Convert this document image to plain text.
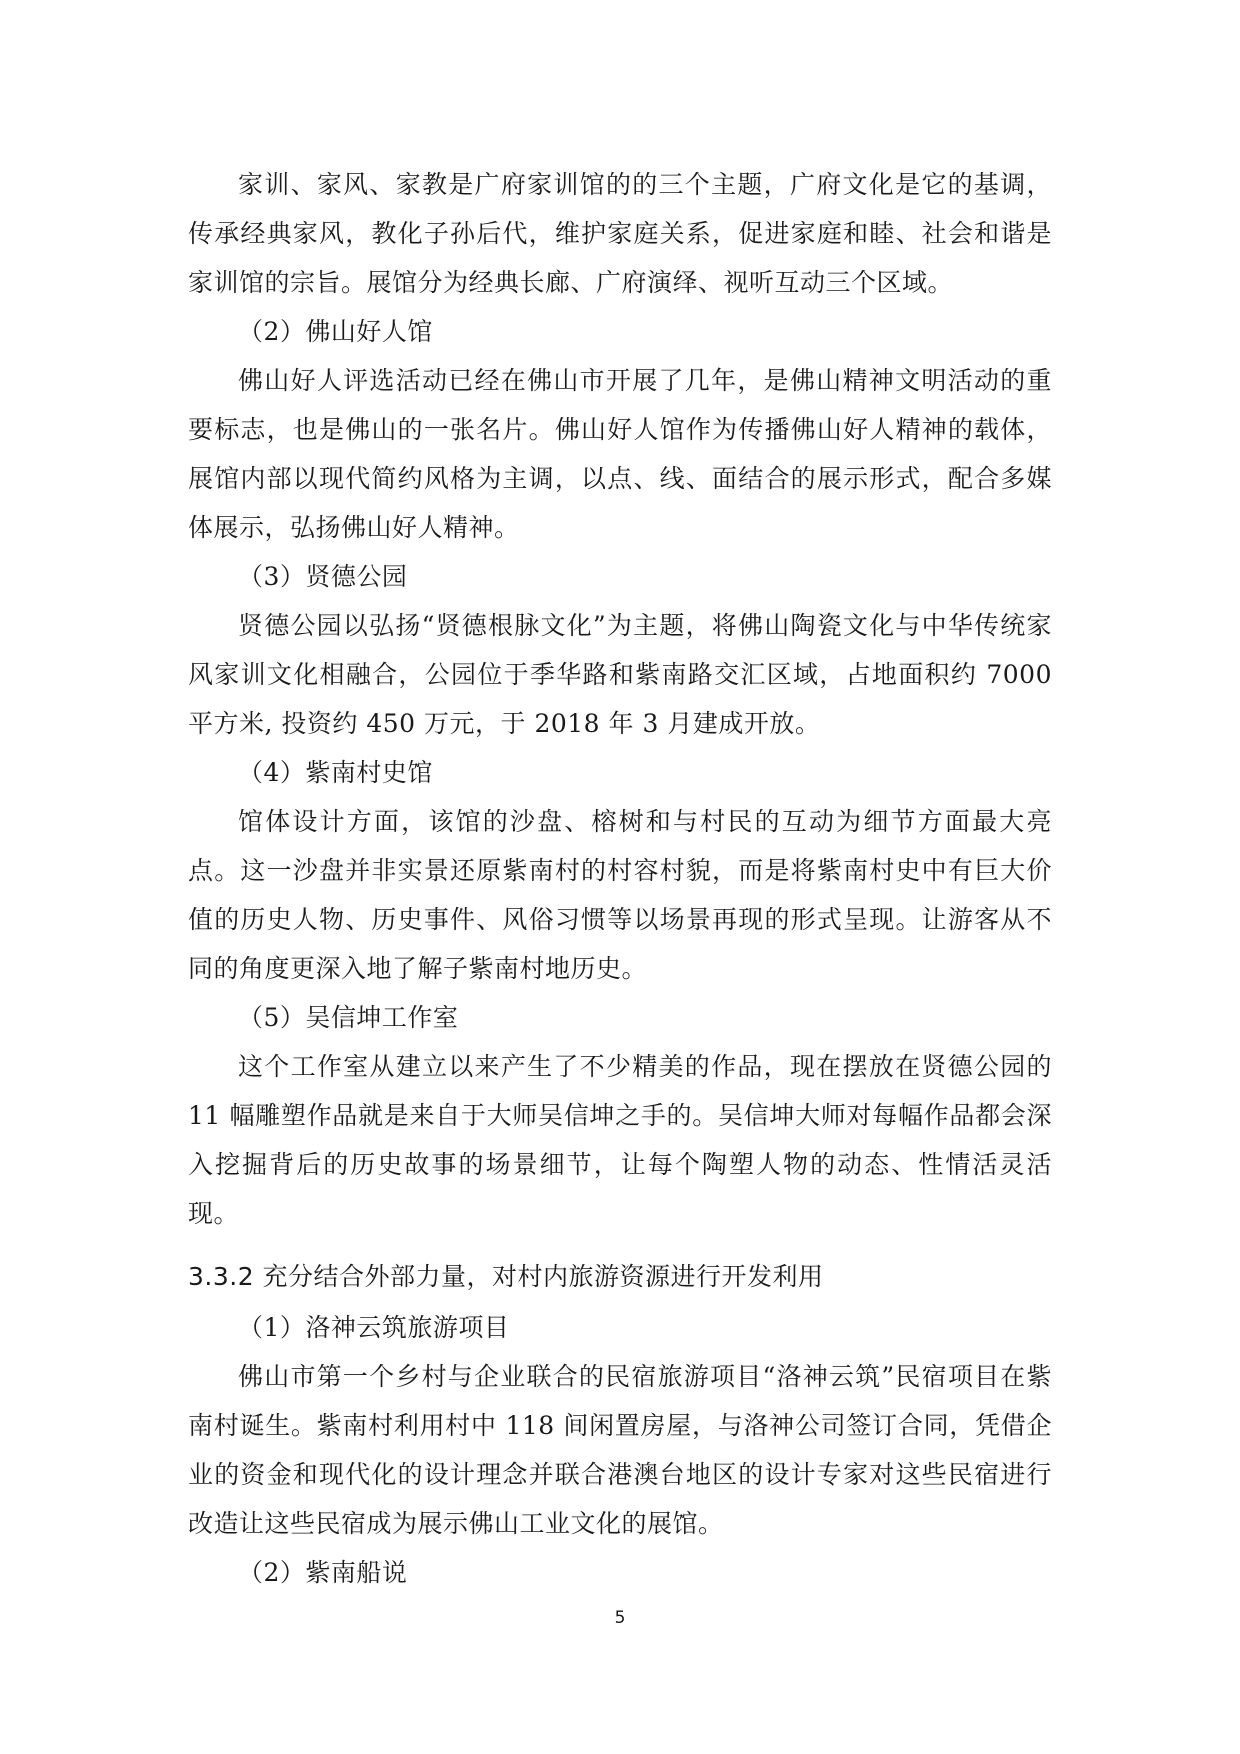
家训、家风、家教是广府家训馆的的三个主题，广府文化是它的基调，传承经典家风，教化子孙后代，维护家庭关系，促进家庭和睦、社会和谐是家训馆的宗旨。展馆分为经典长廊、广府演绎、视听互动三个区域。

（2）佛山好人馆

佛山好人评选活动已经在佛山市开展了几年，是佛山精神文明活动的重要标志，也是佛山的一张名片。佛山好人馆作为传播佛山好人精神的载体，展馆内部以现代简约风格为主调，以点、线、面结合的展示形式，配合多媒体展示，弘扬佛山好人精神。

（3）贤德公园

贤德公园以弘扬“贤德根脉文化”为主题，将佛山陶瓷文化与中华传统家风家训文化相融合，公园位于季华路和紫南路交汇区域，占地面积约 7000 平方米, 投资约 450 万元，于 2018 年 3 月建成开放。

（4）紫南村史馆

馆体设计方面，该馆的沙盘、榕树和与村民的互动为细节方面最大亮点。这一沙盘并非实景还原紫南村的村容村貌，而是将紫南村史中有巨大价值的历史人物、历史事件、风俗习惯等以场景再现的形式呈现。让游客从不同的角度更深入地了解子紫南村地历史。

（5）吴信坤工作室

这个工作室从建立以来产生了不少精美的作品，现在摆放在贤德公园的 11 幅雕塑作品就是来自于大师吴信坤之手的。吴信坤大师对每幅作品都会深入挖掘背后的历史故事的场景细节，让每个陶塑人物的动态、性情活灵活现。

3.3.2 充分结合外部力量，对村内旅游资源进行开发利用

（1）洛神云筑旅游项目

佛山市第一个乡村与企业联合的民宿旅游项目“洛神云筑”民宿项目在紫南村诞生。紫南村利用村中 118 间闲置房屋，与洛神公司签订合同，凭借企业的资金和现代化的设计理念并联合港澳台地区的设计专家对这些民宿进行改造让这些民宿成为展示佛山工业文化的展馆。

（2）紫南船说

5
